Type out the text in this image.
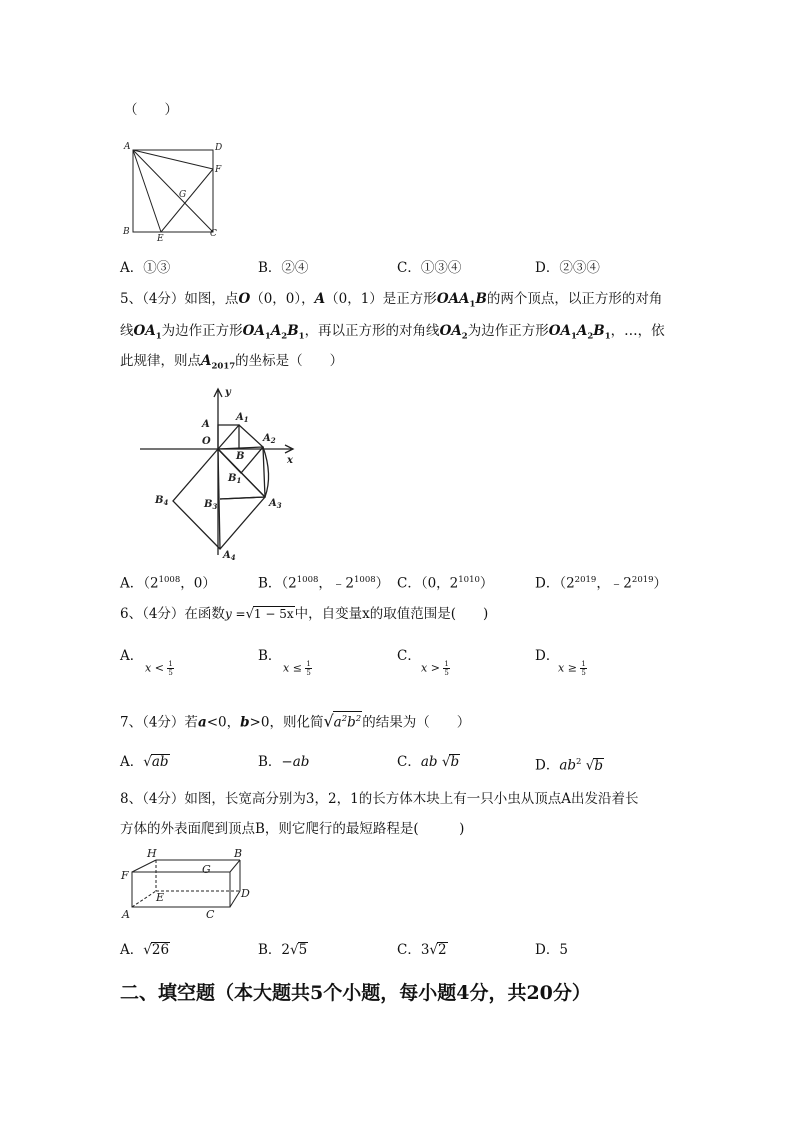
（　　）
A	D
F
G
B
E	C
A．①③	B．②④	C．①③④	D．②③④
5、（4分）如图，点O（0，0），A（0，1）是正方形$OAA_1B$的两个顶点，以正方形的对角
线$OA_1$为边作正方形$OA_1A_2B_1$，再以正方形的对角线$OA_2$为边作正方形$OA_1A_2B_1$，…，依
此规律，则点$A_{2017}$的坐标是（　　）
y
x
A
$A_1$
O	$A_2$
B
$B_1$
$B_4$	$B_3$	$A_3$
$A_4$
A．（$2^{1008}$，0）	B．（$2^{1008}$，$﹣2^{1008}$） C．（0，$2^{1010}$）	D．（$2^{2019}$，$﹣2^{2019}$）
6、（4分）在函数y =√1 − 5x中，自变量x的取值范围是(　　)
A．
$x < \frac{1}{5}$
B．
$x \le \frac{1}{5}$
C．
$x > \frac{1}{5}$
D．
$x \ge \frac{1}{5}$
7、（4分）若a<0，b>0，则化简$√a^2b^2$的结果为（　　）
A．√ab	B．−ab	C．ab √b	D．$ab^2$ √b
8、（4分）如图，长宽高分别为3，2，1的长方体木块上有一只小虫从顶点A出发沿着长
方体的外表面爬到顶点B，则它爬行的最短路程是(　　　)
H	B
F	G
E	D
A	C
A．√26	B．2√5	C．3√2	D．5
二、填空题（本大题共5个小题，每小题4分，共20分）
